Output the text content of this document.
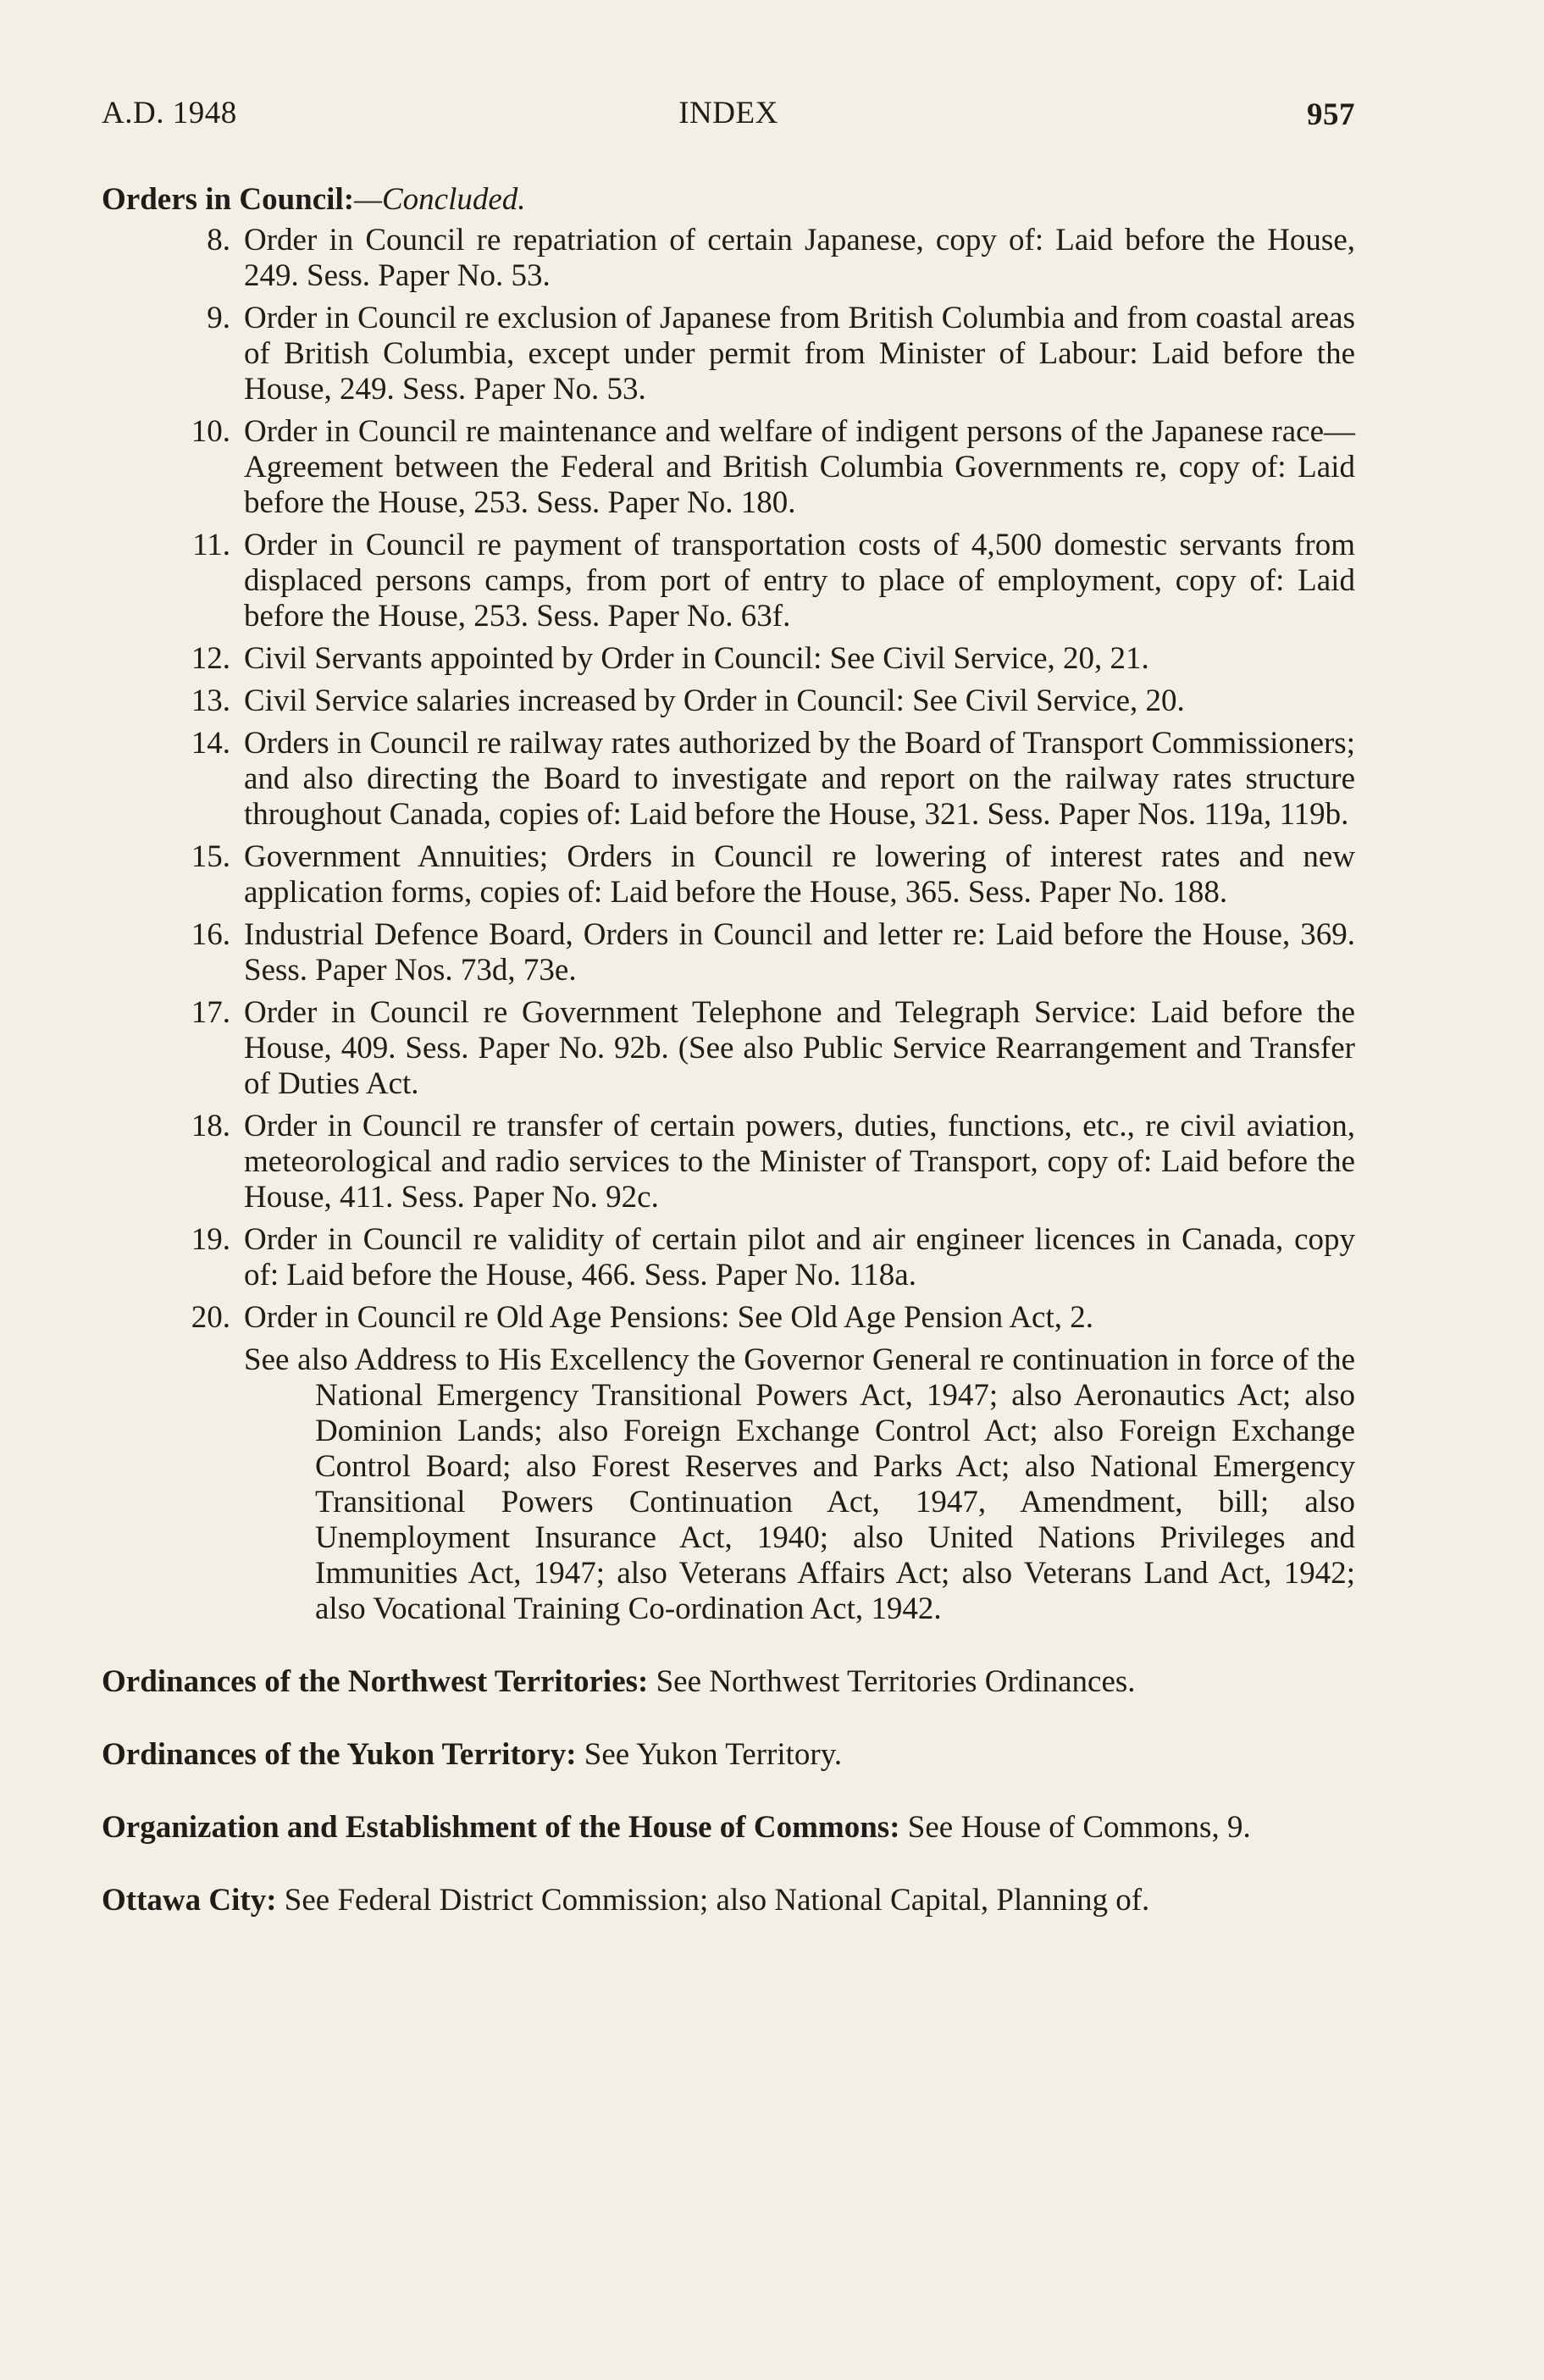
A.D. 1948	INDEX	957
Orders in Council:—Concluded.
8. Order in Council re repatriation of certain Japanese, copy of: Laid before the House, 249. Sess. Paper No. 53.
9. Order in Council re exclusion of Japanese from British Columbia and from coastal areas of British Columbia, except under permit from Minister of Labour: Laid before the House, 249. Sess. Paper No. 53.
10. Order in Council re maintenance and welfare of indigent persons of the Japanese race—Agreement between the Federal and British Columbia Governments re, copy of: Laid before the House, 253. Sess. Paper No. 180.
11. Order in Council re payment of transportation costs of 4,500 domestic servants from displaced persons camps, from port of entry to place of employment, copy of: Laid before the House, 253. Sess. Paper No. 63f.
12. Civil Servants appointed by Order in Council: See Civil Service, 20, 21.
13. Civil Service salaries increased by Order in Council: See Civil Service, 20.
14. Orders in Council re railway rates authorized by the Board of Transport Commissioners; and also directing the Board to investigate and report on the railway rates structure throughout Canada, copies of: Laid before the House, 321. Sess. Paper Nos. 119a, 119b.
15. Government Annuities; Orders in Council re lowering of interest rates and new application forms, copies of: Laid before the House, 365. Sess. Paper No. 188.
16. Industrial Defence Board, Orders in Council and letter re: Laid before the House, 369. Sess. Paper Nos. 73d, 73e.
17. Order in Council re Government Telephone and Telegraph Service: Laid before the House, 409. Sess. Paper No. 92b. (See also Public Service Rearrangement and Transfer of Duties Act.
18. Order in Council re transfer of certain powers, duties, functions, etc., re civil aviation, meteorological and radio services to the Minister of Transport, copy of: Laid before the House, 411. Sess. Paper No. 92c.
19. Order in Council re validity of certain pilot and air engineer licences in Canada, copy of: Laid before the House, 466. Sess. Paper No. 118a.
20. Order in Council re Old Age Pensions: See Old Age Pension Act, 2.
See also Address to His Excellency the Governor General re continuation in force of the National Emergency Transitional Powers Act, 1947; also Aeronautics Act; also Dominion Lands; also Foreign Exchange Control Act; also Foreign Exchange Control Board; also Forest Reserves and Parks Act; also National Emergency Transitional Powers Continuation Act, 1947, Amendment, bill; also Unemployment Insurance Act, 1940; also United Nations Privileges and Immunities Act, 1947; also Veterans Affairs Act; also Veterans Land Act, 1942; also Vocational Training Co-ordination Act, 1942.
Ordinances of the Northwest Territories: See Northwest Territories Ordinances.
Ordinances of the Yukon Territory: See Yukon Territory.
Organization and Establishment of the House of Commons: See House of Commons, 9.
Ottawa City: See Federal District Commission; also National Capital, Planning of.
